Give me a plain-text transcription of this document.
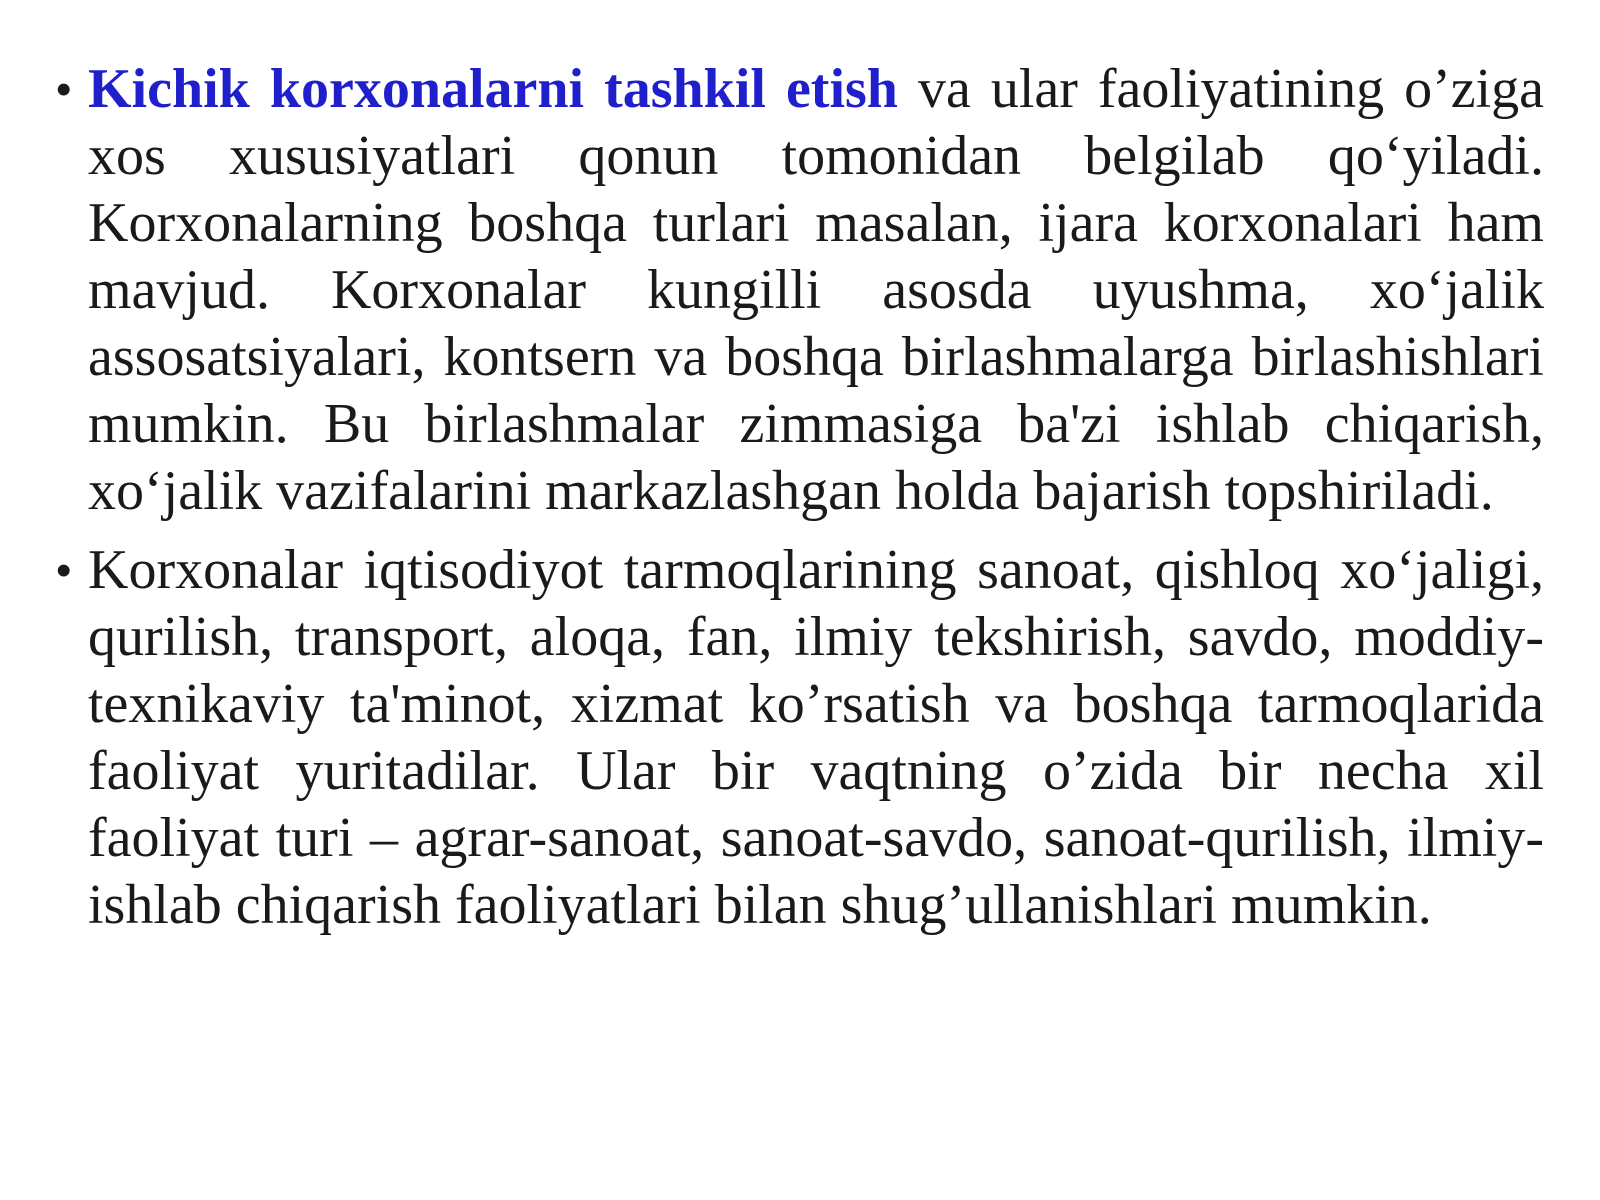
• Kichik korxonalarni tashkil etish va ular faoliyatining o’ziga xos xususiyatlari qonun tomonidan belgilab qo‘yiladi. Korxonalarning boshqa turlari masalan, ijara korxonalari ham mavjud. Korxonalar kungilli asosda uyushma, xo‘jalik assosatsiyalari, kontsern va boshqa birlashmalarga birlashishlari mumkin. Bu birlashmalar zimmasiga ba'zi ishlab chiqarish, xo‘jalik vazifalarini markazlashgan holda bajarish topshiriladi.
• Korxonalar iqtisodiyot tarmoqlarining sanoat, qishloq xo‘jaligi, qurilish, transport, aloqa, fan, ilmiy tekshirish, savdo, moddiy-texnikaviy ta'minot, xizmat ko’rsatish va boshqa tarmoqlarida faoliyat yuritadilar. Ular bir vaqtning o’zida bir necha xil faoliyat turi – agrar-sanoat, sanoat-savdo, sanoat-qurilish, ilmiy-ishlab chiqarish faoliyatlari bilan shug’ullanishlari mumkin.
